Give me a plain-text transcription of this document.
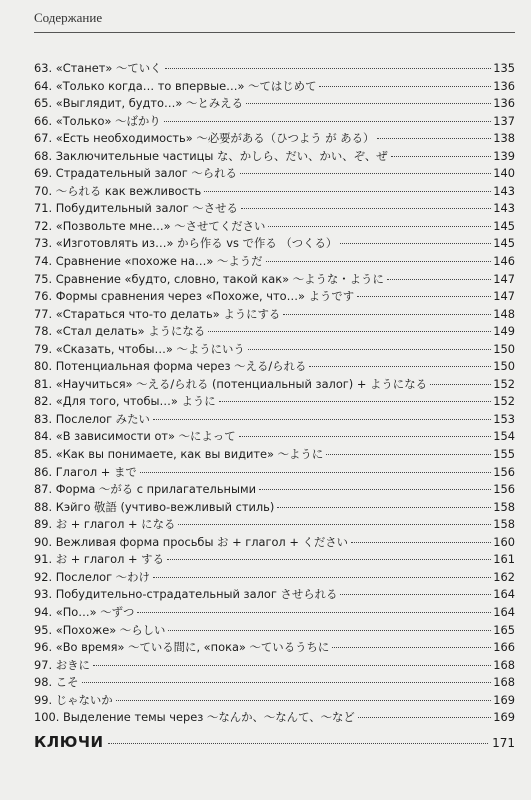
Содержание
63. «Станет» 〜ていく	135
64. «Только когда… то впервые…» 〜てはじめて	136
65. «Выглядит, будто…» 〜とみえる	136
66. «Только» 〜ばかり	137
67. «Есть необходимость» 〜必要がある（ひつよう が ある）	138
68. Заключительные частицы な、かしら、だい、かい、ぞ、ぜ	139
69. Страдательный залог 〜られる	140
70. 〜られる как вежливость	143
71. Побудительный залог 〜させる	143
72. «Позвольте мне…» 〜させてください	145
73. «Изготовлять из…» から作る vs で作る （つくる）	145
74. Сравнение «похоже на…» 〜ようだ	146
75. Сравнение «будто, словно, такой как» 〜ような・ように	147
76. Формы сравнения через «Похоже, что…» ようです	147
77. «Стараться что-то делать» ようにする	148
78. «Стал делать» ようになる	149
79. «Сказать, чтобы…» 〜ようにいう	150
80. Потенциальная форма через 〜える/られる	150
81. «Научиться» 〜える/られる (потенциальный залог) + ようになる	152
82. «Для того, чтобы…» ように	152
83. Послелог みたい	153
84. «В зависимости от» 〜によって	154
85. «Как вы понимаете, как вы видите» 〜ように	155
86. Глагол + まで	156
87. Форма 〜がる с прилагательными	156
88. Кэйго 敬語 (учтиво-вежливый стиль)	158
89. お + глагол + になる	158
90. Вежливая форма просьбы お + глагол + ください	160
91. お + глагол + する	161
92. Послелог 〜わけ	162
93. Побудительно-страдательный залог させられる	164
94. «По…» 〜ずつ	164
95. «Похоже» 〜らしい	165
96. «Во время» 〜ている間に, «пока» 〜ているうちに	166
97. おきに	168
98. こそ	168
99. じゃないか	169
100. Выделение темы через 〜なんか、〜なんて、〜など	169
КЛЮЧИ	171
